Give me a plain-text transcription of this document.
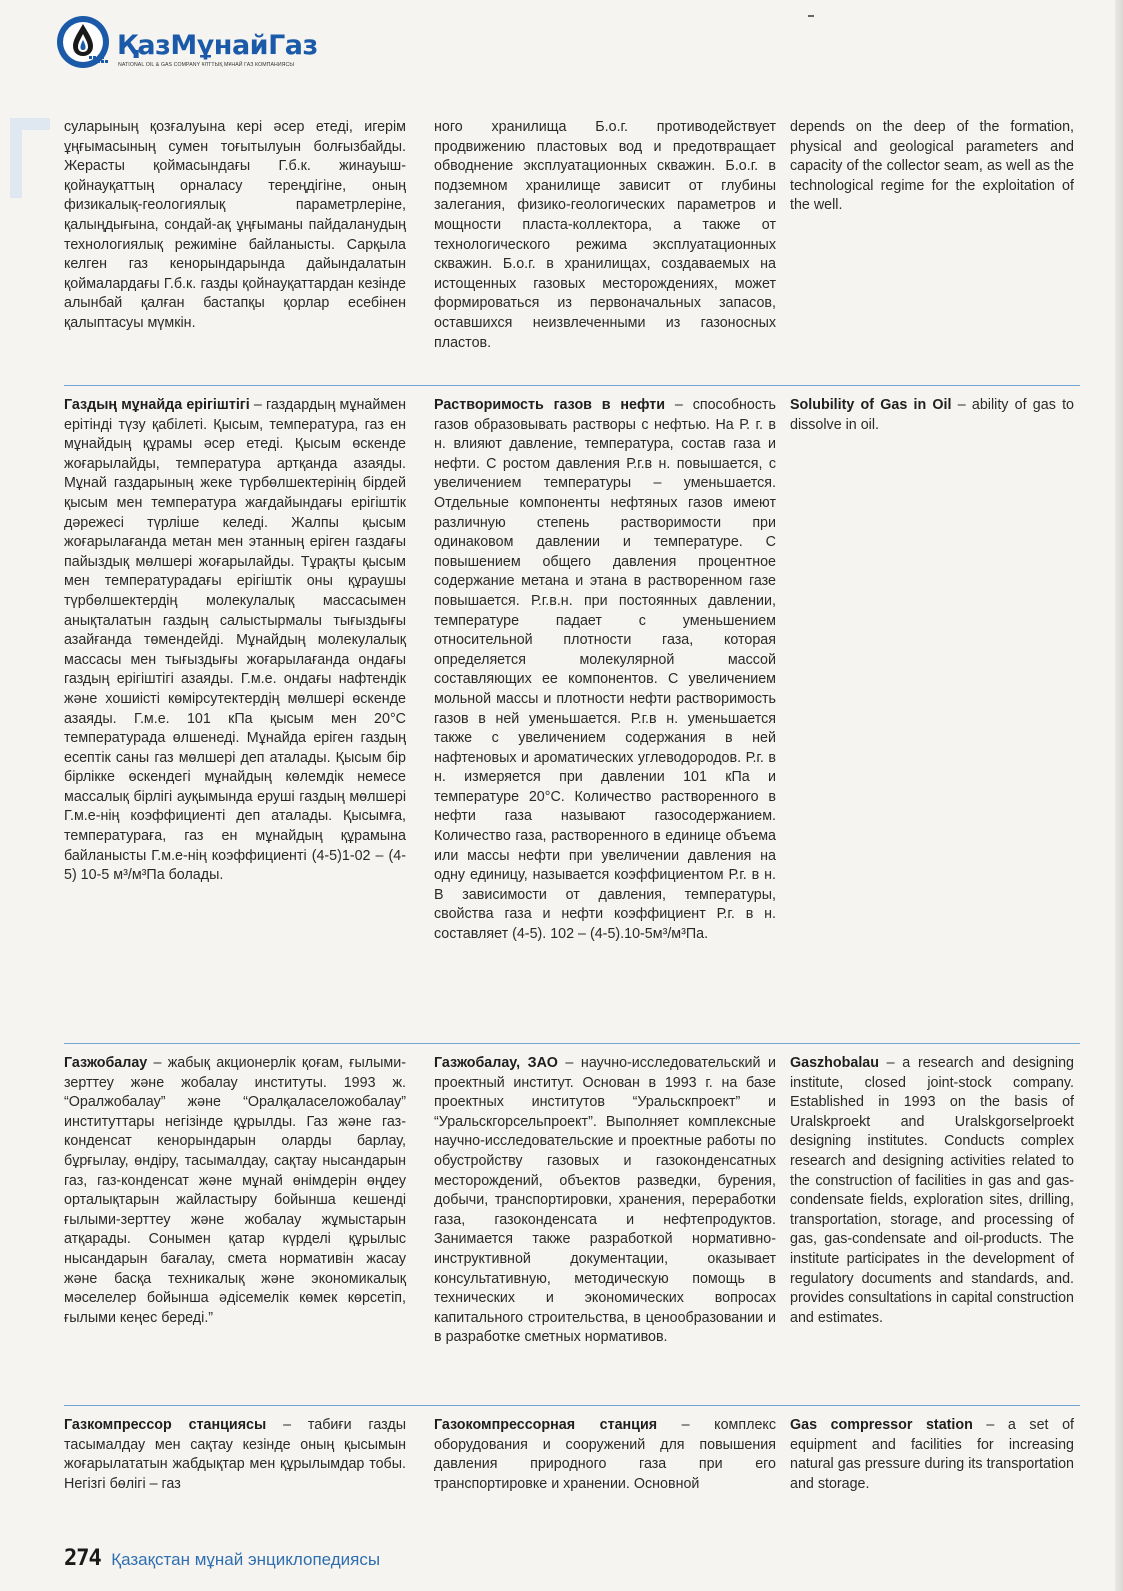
ҚазМұнайГаз
NATIONAL OIL & GAS COMPANY ҰЛТТЫҚ МҰНАЙ ГАЗ КОМПАНИЯСЫ

суларының қозғалуына кері әсер етеді, игерім ұңғымасының сумен тоғытылуын болғызбайды. Жерасты қоймасындағы Г.б.к. жинауыш-қойнауқаттың орналасу тереңдігіне, оның физикалық-геологиялық параметрлеріне, қалыңдығына, сондай-ақ ұңғыманы пайдаланудың технологиялық режиміне байланысты. Сарқыла келген газ кенорындарында дайындалатын қоймалардағы Г.б.к. газды қойнауқаттардан кезінде алынбай қалған бастапқы қорлар есебінен қалыптасуы мүмкін.

ного хранилища Б.о.г. противодействует продвижению пластовых вод и предотвращает обводнение эксплуатационных скважин. Б.о.г. в подземном хранилище зависит от глубины залегания, физико-геологических параметров и мощности пласта-коллектора, а также от технологического режима эксплуатационных скважин. Б.о.г. в хранилищах, создаваемых на истощенных газовых месторождениях, может формироваться из первоначальных запасов, оставшихся неизвлеченными из газоносных пластов.

depends on the deep of the formation, physical and geological parameters and capacity of the collector seam, as well as the technological regime for the exploitation of the well.

Газдың мұнайда ерігіштігі – газдардың мұнаймен ерітінді түзу қабілеті. Қысым, температура, газ ен мұнайдың құрамы әсер етеді. Қысым өскенде жоғарылайды, температура артқанда азаяды. Мұнай газдарының жеке түрбөлшектерінің бірдей қысым мен температура жағдайындағы ерігіштік дәрежесі түрліше келеді. Жалпы қысым жоғарылағанда метан мен этанның еріген газдағы пайыздық мөлшері жоғарылайды. Тұрақты қысым мен температурадағы ерігіштік оны құраушы түрбөлшектердің молекулалық массасымен анықталатын газдың салыстырмалы тығыздығы азайғанда төмендейді. Мұнайдың молекулалық массасы мен тығыздығы жоғарылағанда ондағы газдың ерігіштігі азаяды. Г.м.е. ондағы нафтендік және хошиісті көмірсутектердің мөлшері өскенде азаяды. Г.м.е. 101 кПа қысым мен 20°С температурада өлшенеді. Мұнайда еріген газдың есептік саны газ мөлшері деп аталады. Қысым бір бірлікке өскендегі мұнайдың көлемдік немесе массалық бірлігі ауқымында еруші газдың мөлшері Г.м.е-нің коэффициенті деп аталады. Қысымға, температураға, газ ен мұнайдың құрамына байланысты Г.м.е-нің коэффициенті (4-5)1-02 – (4-5) 10-5 м³/м³Па болады.

Растворимость газов в нефти – способность газов образовывать растворы с нефтью. На Р. г. в н. влияют давление, температура, состав газа и нефти. С ростом давления Р.г.в н. повышается, с увеличением температуры – уменьшается. Отдельные компоненты нефтяных газов имеют различную степень растворимости при одинаковом давлении и температуре. С повышением общего давления процентное содержание метана и этана в растворенном газе повышается. Р.г.в.н. при постоянных давлении, температуре падает с уменьшением относительной плотности газа, которая определяется молекулярной массой составляющих ее компонентов. С увеличением мольной массы и плотности нефти растворимость газов в ней уменьшается. Р.г.в н. уменьшается также с увеличением содержания в ней нафтеновых и ароматических углеводородов. Р.г. в н. измеряется при давлении 101 кПа и температуре 20°С. Количество растворенного в нефти газа называют газосодержанием. Количество газа, растворенного в единице объема или массы нефти при увеличении давления на одну единицу, называется коэффициентом Р.г. в н. В зависимости от давления, температуры, свойства газа и нефти коэффициент Р.г. в н. составляет (4-5). 102 – (4-5).10-5м³/м³Па.

Solubility of Gas in Oil – ability of gas to dissolve in oil.

Газжобалау – жабық акционерлік қоғам, ғылыми-зерттеу және жобалау институты. 1993 ж. “Оралжобалау” және “Оралқаласеложобалау” институттары негізінде құрылды. Газ және газ-конденсат кенорындарын оларды барлау, бұрғылау, өндіру, тасымалдау, сақтау нысандарын газ, газ-конденсат және мұнай өнімдерін өңдеу орталықтарын жайластыру бойынша кешенді ғылыми-зерттеу және жобалау жұмыстарын атқарады. Сонымен қатар күрделі құрылыс нысандарын бағалау, смета нормативін жасау және басқа техникалық және экономикалық мәселелер бойынша әдісемелік көмек көрсетіп, ғылыми кеңес береді.”

Газжобалау, ЗАО – научно-исследовательский и проектный институт. Основан в 1993 г. на базе проектных институтов “Уральскпроект” и “Уральскгорсельпроект”. Выполняет комплексные научно-исследовательские и проектные работы по обустройству газовых и газоконденсатных месторождений, объектов разведки, бурения, добычи, транспортировки, хранения, переработки газа, газоконденсата и нефтепродуктов. Занимается также разработкой нормативно-инструктивной документации, оказывает консультативную, методическую помощь в технических и экономических вопросах капитального строительства, в ценообразовании и в разработке сметных нормативов.

Gaszhobalau – a research and designing institute, closed joint-stock company. Established in 1993 on the basis of Uralskproekt and Uralskgorselproekt designing institutes. Conducts complex research and designing activities related to the construction of facilities in gas and gas-condensate fields, exploration sites, drilling, transportation, storage, and processing of gas, gas-condensate and oil-products. The institute participates in the development of regulatory documents and standards, and. provides consultations in capital construction and estimates.

Газкомпрессор станциясы – табиғи газды тасымалдау мен сақтау кезінде оның қысымын жоғарылататын жабдықтар мен құрылымдар тобы. Негізгі бөлігі – газ

Газокомпрессорная станция – комплекс оборудования и сооружений для повышения давления природного газа при его транспортировке и хранении. Основной

Gas compressor station – a set of equipment and facilities for increasing natural gas pressure during its transportation and storage.

274 Қазақстан мұнай энциклопедиясы
